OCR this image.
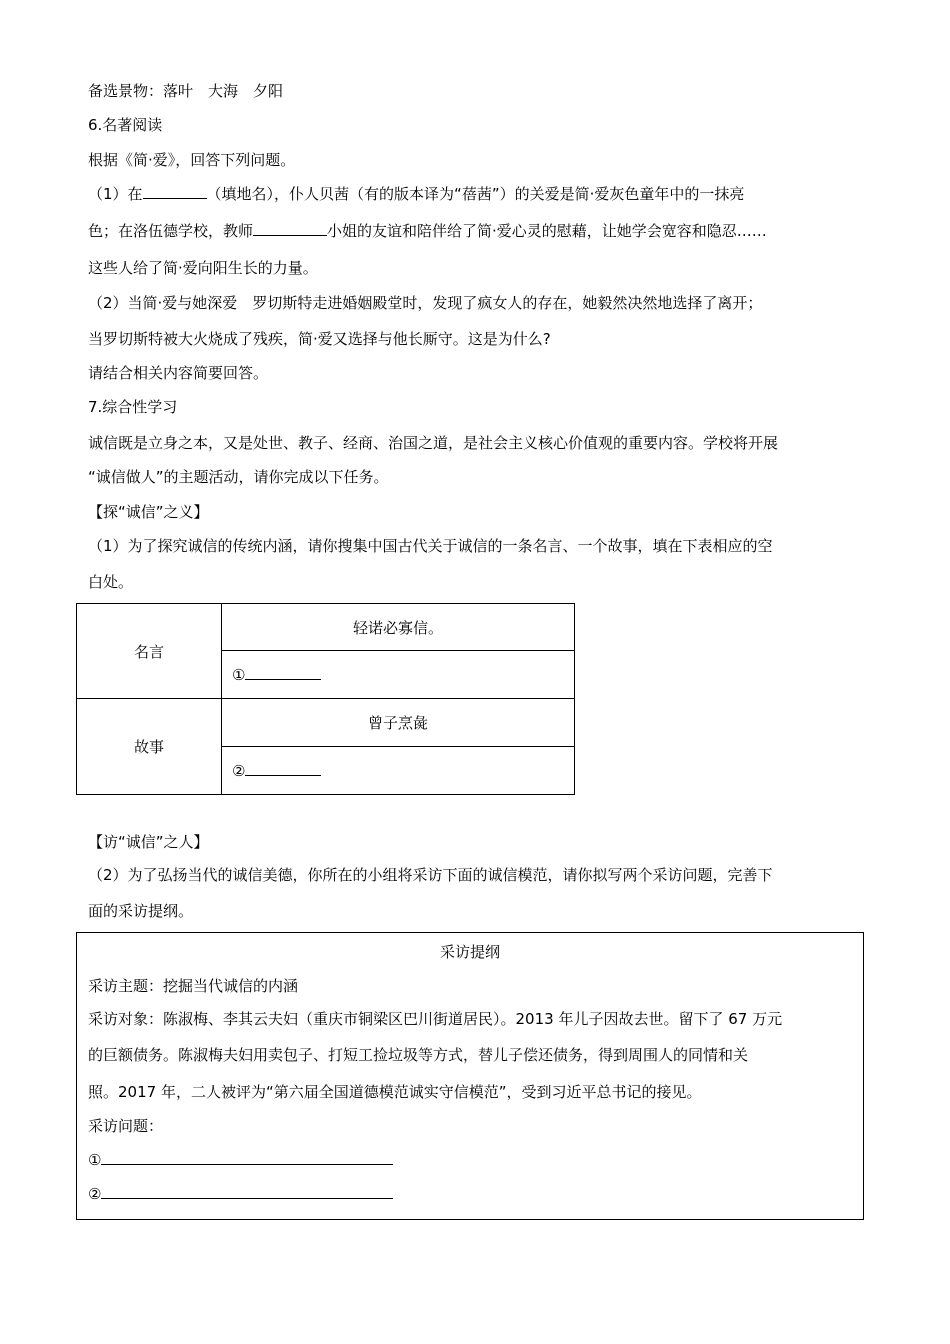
备选景物：落叶　大海　夕阳
6.名著阅读
根据《简·爱》，回答下列问题。
（1）在	（填地名），仆人贝茜（有的版本译为“蓓茜”）的关爱是简·爱灰色童年中的一抹亮
色；在洛伍德学校，教师	小姐的友谊和陪伴给了简·爱心灵的慰藉，让她学会宽容和隐忍……
这些人给了简·爱向阳生长的力量。
（2）当简·爱与她深爱　罗切斯特走进婚姻殿堂时，发现了疯女人的存在，她毅然决然地选择了离开；
当罗切斯特被大火烧成了残疾，简·爱又选择与他长厮守。这是为什么?
请结合相关内容简要回答。
7.综合性学习
诚信既是立身之本，又是处世、教子、经商、治国之道，是社会主义核心价值观的重要内容。学校将开展
“诚信做人”的主题活动，请你完成以下任务。
【探“诚信”之义】
（1）为了探究诚信的传统内涵，请你搜集中国古代关于诚信的一条名言、一个故事，填在下表相应的空
白处。
名言	轻诺必寡信。
	①
故事	曾子烹彘
	②
【访“诚信”之人】
（2）为了弘扬当代的诚信美德，你所在的小组将采访下面的诚信模范，请你拟写两个采访问题，完善下
面的采访提纲。
采访提纲
采访主题：挖掘当代诚信的内涵
采访对象：陈淑梅、李其云夫妇（重庆市铜梁区巴川街道居民）。2013 年儿子因故去世。留下了 67 万元
的巨额债务。陈淑梅夫妇用卖包子、打短工捡垃圾等方式，替儿子偿还债务，得到周围人的同情和关
照。2017 年，二人被评为“第六届全国道德模范诚实守信模范”，受到习近平总书记的接见。
采访问题：
①
②
